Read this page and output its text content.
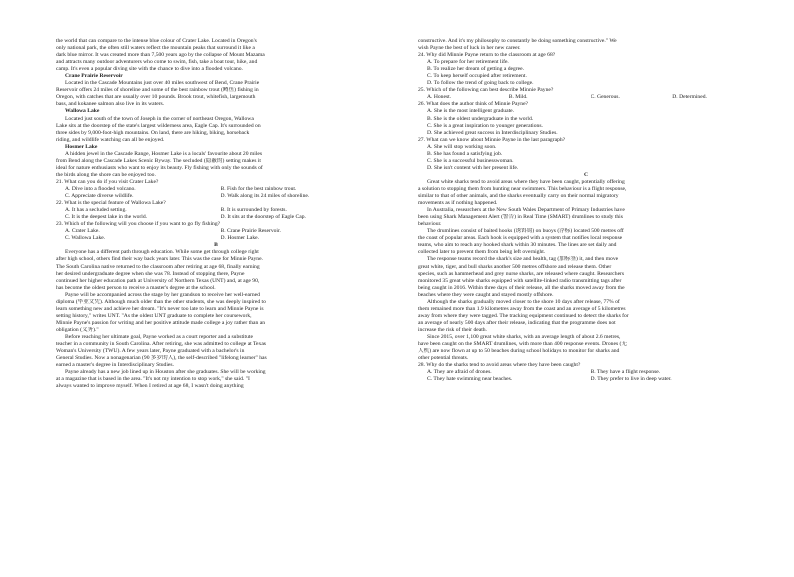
the world that can compare to the intense blue colour of Crater Lake. Located in Oregon's
only national park, the often still waters reflect the mountain peaks that surround it like a
dark blue mirror. It was created more than 7,500 years ago by the collapse of Mount Mazama
and attracts many outdoor adventurers who come to swim, fish, take a boat tour, hike, and
camp. It's even a popular diving site with the chance to dive into a flooded volcano.
Crane Prairie Reservoir
Located in the Cascade Mountains just over 40 miles southwest of Bend, Crane Prairie
Reservoir offers 24 miles of shoreline and some of the best rainbow trout (鳟鱼) fishing in
Oregon, with catches that are usually over 10 pounds. Brook trout, whitefish, largemouth
bass, and kokanee salmon also live in its waters.
Wallowa Lake
Located just south of the town of Joseph in the corner of northeast Oregon, Wallowa
Lake sits at the doorstep of the state's largest wilderness area, Eagle Cap. It's surrounded on
three sides by 9,000-foot-high mountains. On land, there are hiking, biking, horseback
riding, and wildlife watching can all be enjoyed.
Hosmer Lake
A hidden jewel in the Cascade Range, Hosmer Lake is a locals' favourite about 20 miles
from Bend along the Cascade Lakes Scenic Byway. The secluded (隐蔽的) setting makes it
ideal for nature enthusiasts who want to enjoy its beauty. Fly fishing with only the sounds of
the birds along the shore can be enjoyed too.
21. What can you do if you visit Crater Lake?
A. Dive into a flooded volcano.	B. Fish for the best rainbow trout.
C. Appreciate diverse wildlife.	D. Walk along its 24 miles of shoreline.
22. What is the special feature of Wallowa Lake?
A. It has a secluded setting.	B. It is surrounded by forests.
C. It is the deepest lake in the world.	D. It sits at the doorstep of Eagle Cap.
23. Which of the following will you choose if you want to go fly fishing?
A. Crater Lake.	B. Crane Prairie Reservoir.
C. Wallowa Lake.	D. Hosmer Lake.
B
Everyone has a different path through education. While some get through college right
after high school, others find their way back years later. This was the case for Minnie Payne.
The South Carolina native returned to the classroom after retiring at age 68, finally earning
her desired undergraduate degree when she was 78. Instead of stopping there, Payne
continued her higher education path at University of Northern Texas (UNT) and, at age 90,
has become the oldest person to receive a master's degree at the school.
Payne will be accompanied across the stage by her grandson to receive her well-earned
diploma (毕业文凭). Although much older than the other students, she was deeply inspired to
learn something new and achieve her dream. "It's never too late to learn and Minnie Payne is
setting history," writes UNT. "As the oldest UNT graduate to complete her coursework,
Minnie Payne's passion for writing and her positive attitude made college a joy rather than an
obligation (义务)."
Before reaching her ultimate goal, Payne worked as a court reporter and a substitute
teacher in a community in South Carolina. After retiring, she was admitted to college at Texas
Woman's University (TWU). A few years later, Payne graduated with a bachelor's in
General Studies. Now a nonagenarian (90 多岁的人), the self-described "lifelong learner" has
earned a master's degree in Interdisciplinary Studies.
Payne already has a new job lined up in Houston after she graduates. She will be working
at a magazine that is based in the area. "It's not my intention to stop work," she said. "I
always wanted to improve myself. When I retired at age 68, I wasn't doing anything
constructive. And it's my philosophy to constantly be doing something constructive." We
wish Payne the best of luck in her new career.
24. Why did Minnie Payne return to the classroom at age 68?
A. To prepare for her retirement life.
B. To realize her dream of getting a degree.
C. To keep herself occupied after retirement.
D. To follow the trend of going back to college.
25. Which of the following can best describe Minnie Payne?
A. Honest.	B. Mild.	C. Generous.	D. Determined.
26. What does the author think of Minnie Payne?
A. She is the most intelligent graduate.
B. She is the oldest undergraduate in the world.
C. She is a great inspiration to younger generations.
D. She achieved great success in Interdisciplinary Studies.
27. What can we know about Minnie Payne in the last paragraph?
A. She will stop working soon.
B. She has found a satisfying job.
C. She is a successful businesswoman.
D. She isn't content with her present life.
C
Great white sharks tend to avoid areas where they have been caught, potentially offering
a solution to stopping them from hunting near swimmers. This behaviour is a flight response,
similar to that of other animals, and the sharks eventually carry on their normal migratory
movements as if nothing happened.
In Australia, researchers at the New South Wales Department of Primary Industries have
been using Shark Management Alert (警告) in Real Time (SMART) drumlines to study this
behaviour.
The drumlines consist of baited hooks (诱饵钩) on buoys (浮标) located 500 metres off
the coast of popular areas. Each hook is equipped with a system that notifies local response
teams, who aim to reach any hooked shark within 30 minutes. The lines are set daily and
collected later to prevent them from being left overnight.
The response teams record the shark's size and health, tag (加标签) it, and then move
great white, tiger, and bull sharks another 500 metres offshore and release them. Other
species, such as hammerhead and grey nurse sharks, are released where caught. Researchers
monitored 35 great white sharks equipped with satellite-linked radio transmitting tags after
being caught in 2016. Within three days of their release, all the sharks moved away from the
beaches where they were caught and stayed mostly offshore.
Although the sharks gradually moved closer to the shore 10 days after release, 77% of
them remained more than 1.9 kilometres away from the coast and an average of 5 kilometres
away from where they were tagged. The tracking equipment continued to detect the sharks for
an average of nearly 500 days after their release, indicating that the programme does not
increase the risk of their death.
Since 2015, over 1,100 great white sharks, with an average length of about 2.6 metres,
have been caught on the SMART drumlines, with more than 400 response events. Drones (无
人机) are now flown at up to 50 beaches during school holidays to monitor for sharks and
other potential threats.
28. Why do the sharks tend to avoid areas where they have been caught?
A. They are afraid of drones.	B. They have a flight response.
C. They hate swimming near beaches.	D. They prefer to live in deep water.
